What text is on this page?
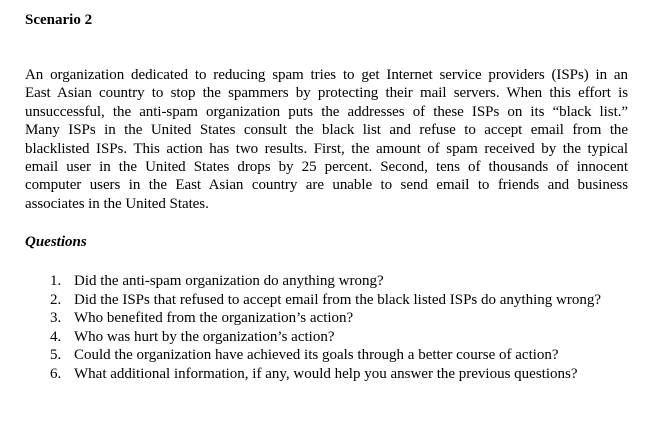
Scenario 2

An organization dedicated to reducing spam tries to get Internet service providers (ISPs) in an
East Asian country to stop the spammers by protecting their mail servers. When this effort is
unsuccessful, the anti-spam organization puts the addresses of these ISPs on its “black list.”
Many ISPs in the United States consult the black list and refuse to accept email from the
blacklisted ISPs. This action has two results. First, the amount of spam received by the typical
email user in the United States drops by 25 percent. Second, tens of thousands of innocent
computer users in the East Asian country are unable to send email to friends and business
associates in the United States.

Questions
1. Did the anti-spam organization do anything wrong?
2. Did the ISPs that refused to accept email from the black listed ISPs do anything wrong?
3. Who benefited from the organization’s action?
4. Who was hurt by the organization’s action?
5. Could the organization have achieved its goals through a better course of action?
6. What additional information, if any, would help you answer the previous questions?
